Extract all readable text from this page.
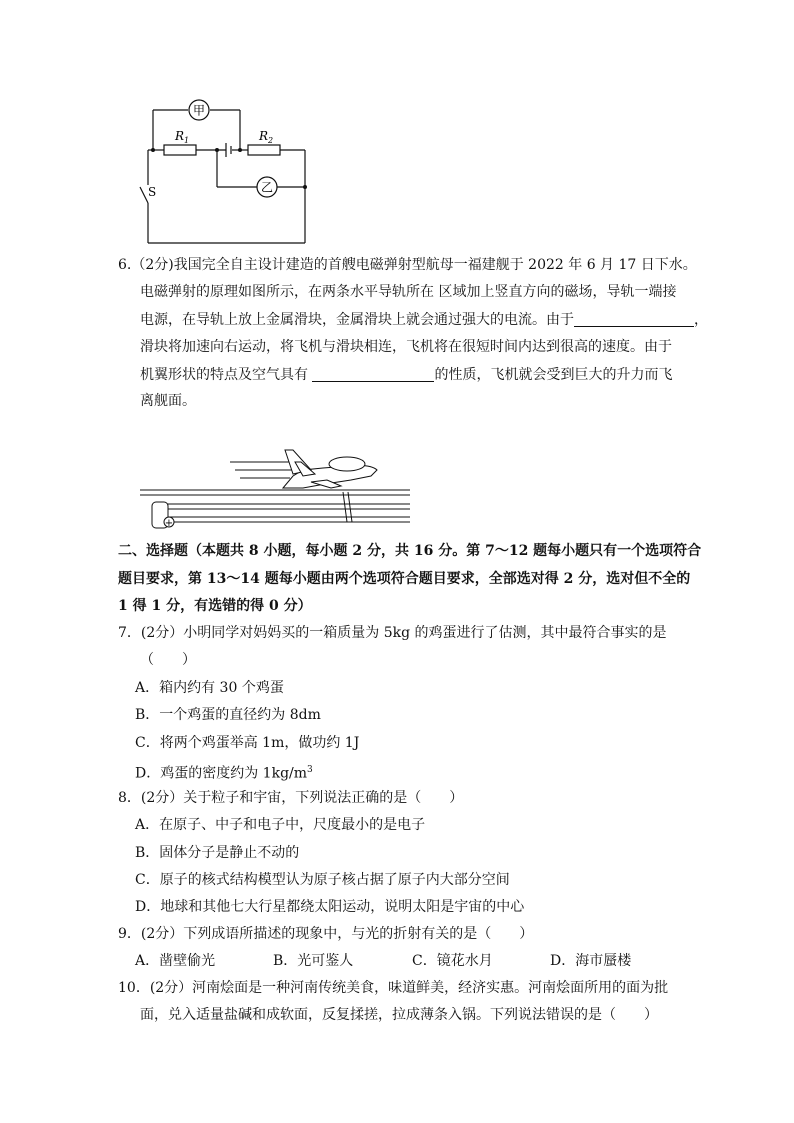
甲
乙
$R_1$	$R_2$
S
6.（2分)我国完全自主设计建造的首艘电磁弹射型航母一福建舰于 2022 年 6 月 17 日下水。
电磁弹射的原理如图所示，在两条水平导轨所在 区域加上竖直方向的磁场，导轨一端接
电源，在导轨上放上金属滑块，金属滑块上就会通过强大的电流。由于	，
滑块将加速向右运动，将飞机与滑块相连，飞机将在很短时间内达到很高的速度。由于
机翼形状的特点及空气具有	的性质，飞机就会受到巨大的升力而飞
离舰面。
+
二、选择题（本题共 8 小题，每小题 2 分，共 16 分。第 7～12 题每小题只有一个选项符合
题目要求，第 13～14 题每小题由两个选项符合题目要求，全部选对得 2 分，选对但不全的
1 得 1 分，有选错的得 0 分）
7．(2分）小明同学对妈妈买的一箱质量为 5kg 的鸡蛋进行了估测，其中最符合事实的是
（　　）
A．箱内约有 30 个鸡蛋
B．一个鸡蛋的直径约为 8dm
C．将两个鸡蛋举高 1m，做功约 1J
D．鸡蛋的密度约为 $1kg/m^3$
8．(2分）关于粒子和宇宙，下列说法正确的是（　　）
A．在原子、中子和电子中，尺度最小的是电子
B．固体分子是静止不动的
C．原子的核式结构模型认为原子核占据了原子内大部分空间
D．地球和其他七大行星都绕太阳运动，说明太阳是宇宙的中心
9．(2分）下列成语所描述的现象中，与光的折射有关的是（　　）
A．凿壁偷光	B．光可鉴人	C．镜花水月	D．海市蜃楼
10．(2分）河南烩面是一种河南传统美食，味道鲜美，经济实惠。河南烩面所用的面为批
面，兑入适量盐碱和成软面，反复揉搓，拉成薄条入锅。下列说法错误的是（　　）
